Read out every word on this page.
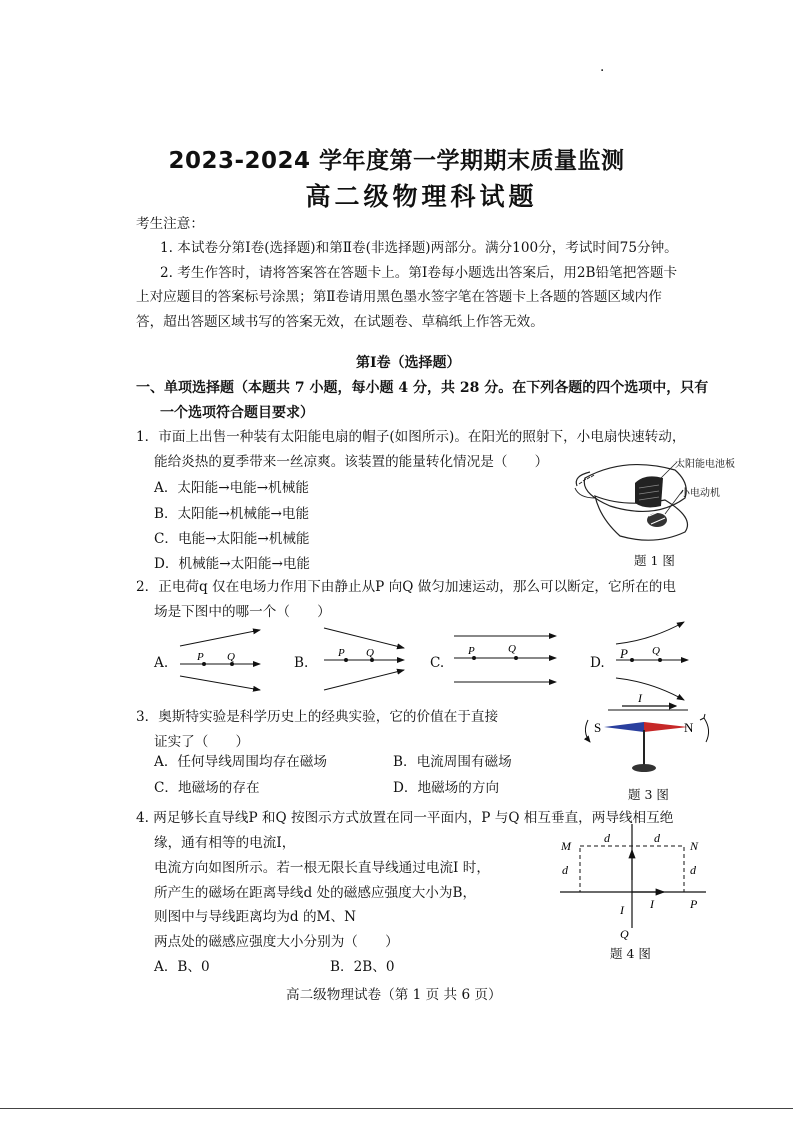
.
2023-2024 学年度第一学期期末质量监测
高二级物理科试题
考生注意：
1. 本试卷分第Ⅰ卷(选择题)和第Ⅱ卷(非选择题)两部分。满分100分，考试时间75分钟。
2. 考生作答时，请将答案答在答题卡上。第Ⅰ卷每小题选出答案后，用2B铅笔把答题卡
上对应题目的答案标号涂黑；第Ⅱ卷请用黑色墨水签字笔在答题卡上各题的答题区域内作
答，超出答题区域书写的答案无效，在试题卷、草稿纸上作答无效。
第Ⅰ卷（选择题）
一、单项选择题（本题共 7 小题，每小题 4 分，共 28 分。在下列各题的四个选项中，只有
一个选项符合题目要求）
1．市面上出售一种装有太阳能电扇的帽子(如图所示)。在阳光的照射下，小电扇快速转动，
能给炎热的夏季带来一丝凉爽。该装置的能量转化情况是（　　）
A．太阳能→电能→机械能
B．太阳能→机械能→电能
C．电能→太阳能→机械能
D．机械能→太阳能→电能
太阳能电池板
小电动机
题 1 图
2．正电荷q 仅在电场力作用下由静止从P 向Q 做匀加速运动，那么可以断定，它所在的电
场是下图中的哪一个（　　）
A.	P Q	B.
P Q
C.
P	Q
D.
P Q
3．奥斯特实验是科学历史上的经典实验，它的价值在于直接
证实了（　　）
A．任何导线周围均存在磁场	B．电流周围有磁场
C．地磁场的存在	D．地磁场的方向
I
S	N
题 3 图
4. 两足够长直导线P 和Q 按图示方式放置在同一平面内，P 与Q 相互垂直，两导线相互绝
缘，通有相等的电流I，
电流方向如图所示。若一根无限长直导线通过电流I 时，
所产生的磁场在距离导线d 处的磁感应强度大小为B，
则图中与导线距离均为d 的M、N
两点处的磁感应强度大小分别为（　　）
A．B、0	B．2B、0
M	N
d	d
d	d
I I	P
Q
题 4 图
高二级物理试卷（第 1 页 共 6 页）
